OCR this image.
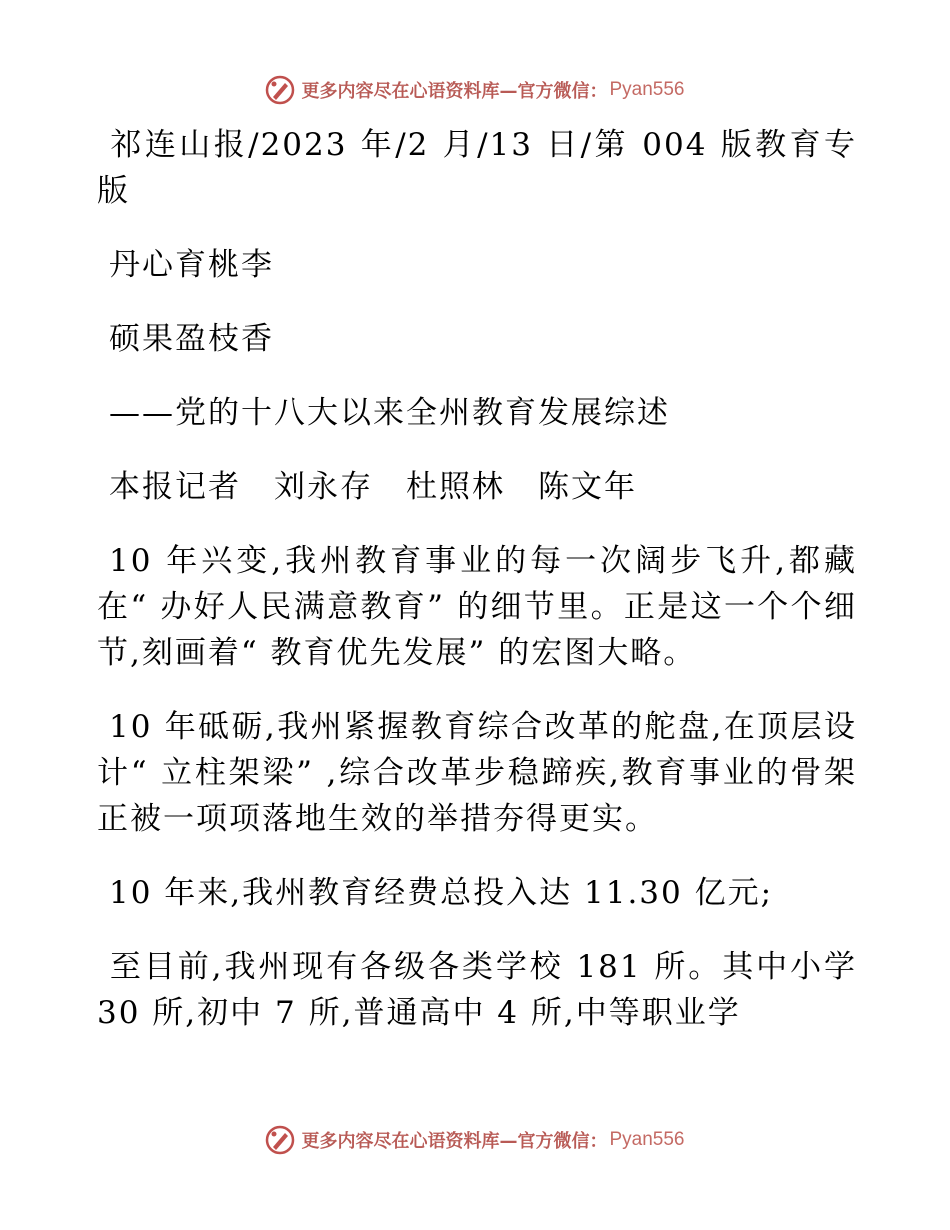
更多内容尽在心语资料库—官方微信： Pyan556

祁连山报/2023 年/2 月/13 日/第 004 版教育专版

丹心育桃李

硕果盈枝香

——党的十八大以来全州教育发展综述

本报记者　刘永存　杜照林　陈文年

10 年兴变,我州教育事业的每一次阔步飞升,都藏在“ 办好人民满意教育” 的细节里。正是这一个个细节,刻画着“ 教育优先发展” 的宏图大略。

10 年砥砺,我州紧握教育综合改革的舵盘,在顶层设计“ 立柱架梁” ,综合改革步稳蹄疾,教育事业的骨架正被一项项落地生效的举措夯得更实。

10 年来,我州教育经费总投入达 11.30 亿元;

至目前,我州现有各级各类学校 181 所。其中小学 30 所,初中 7 所,普通高中 4 所,中等职业学

更多内容尽在心语资料库—官方微信： Pyan556
